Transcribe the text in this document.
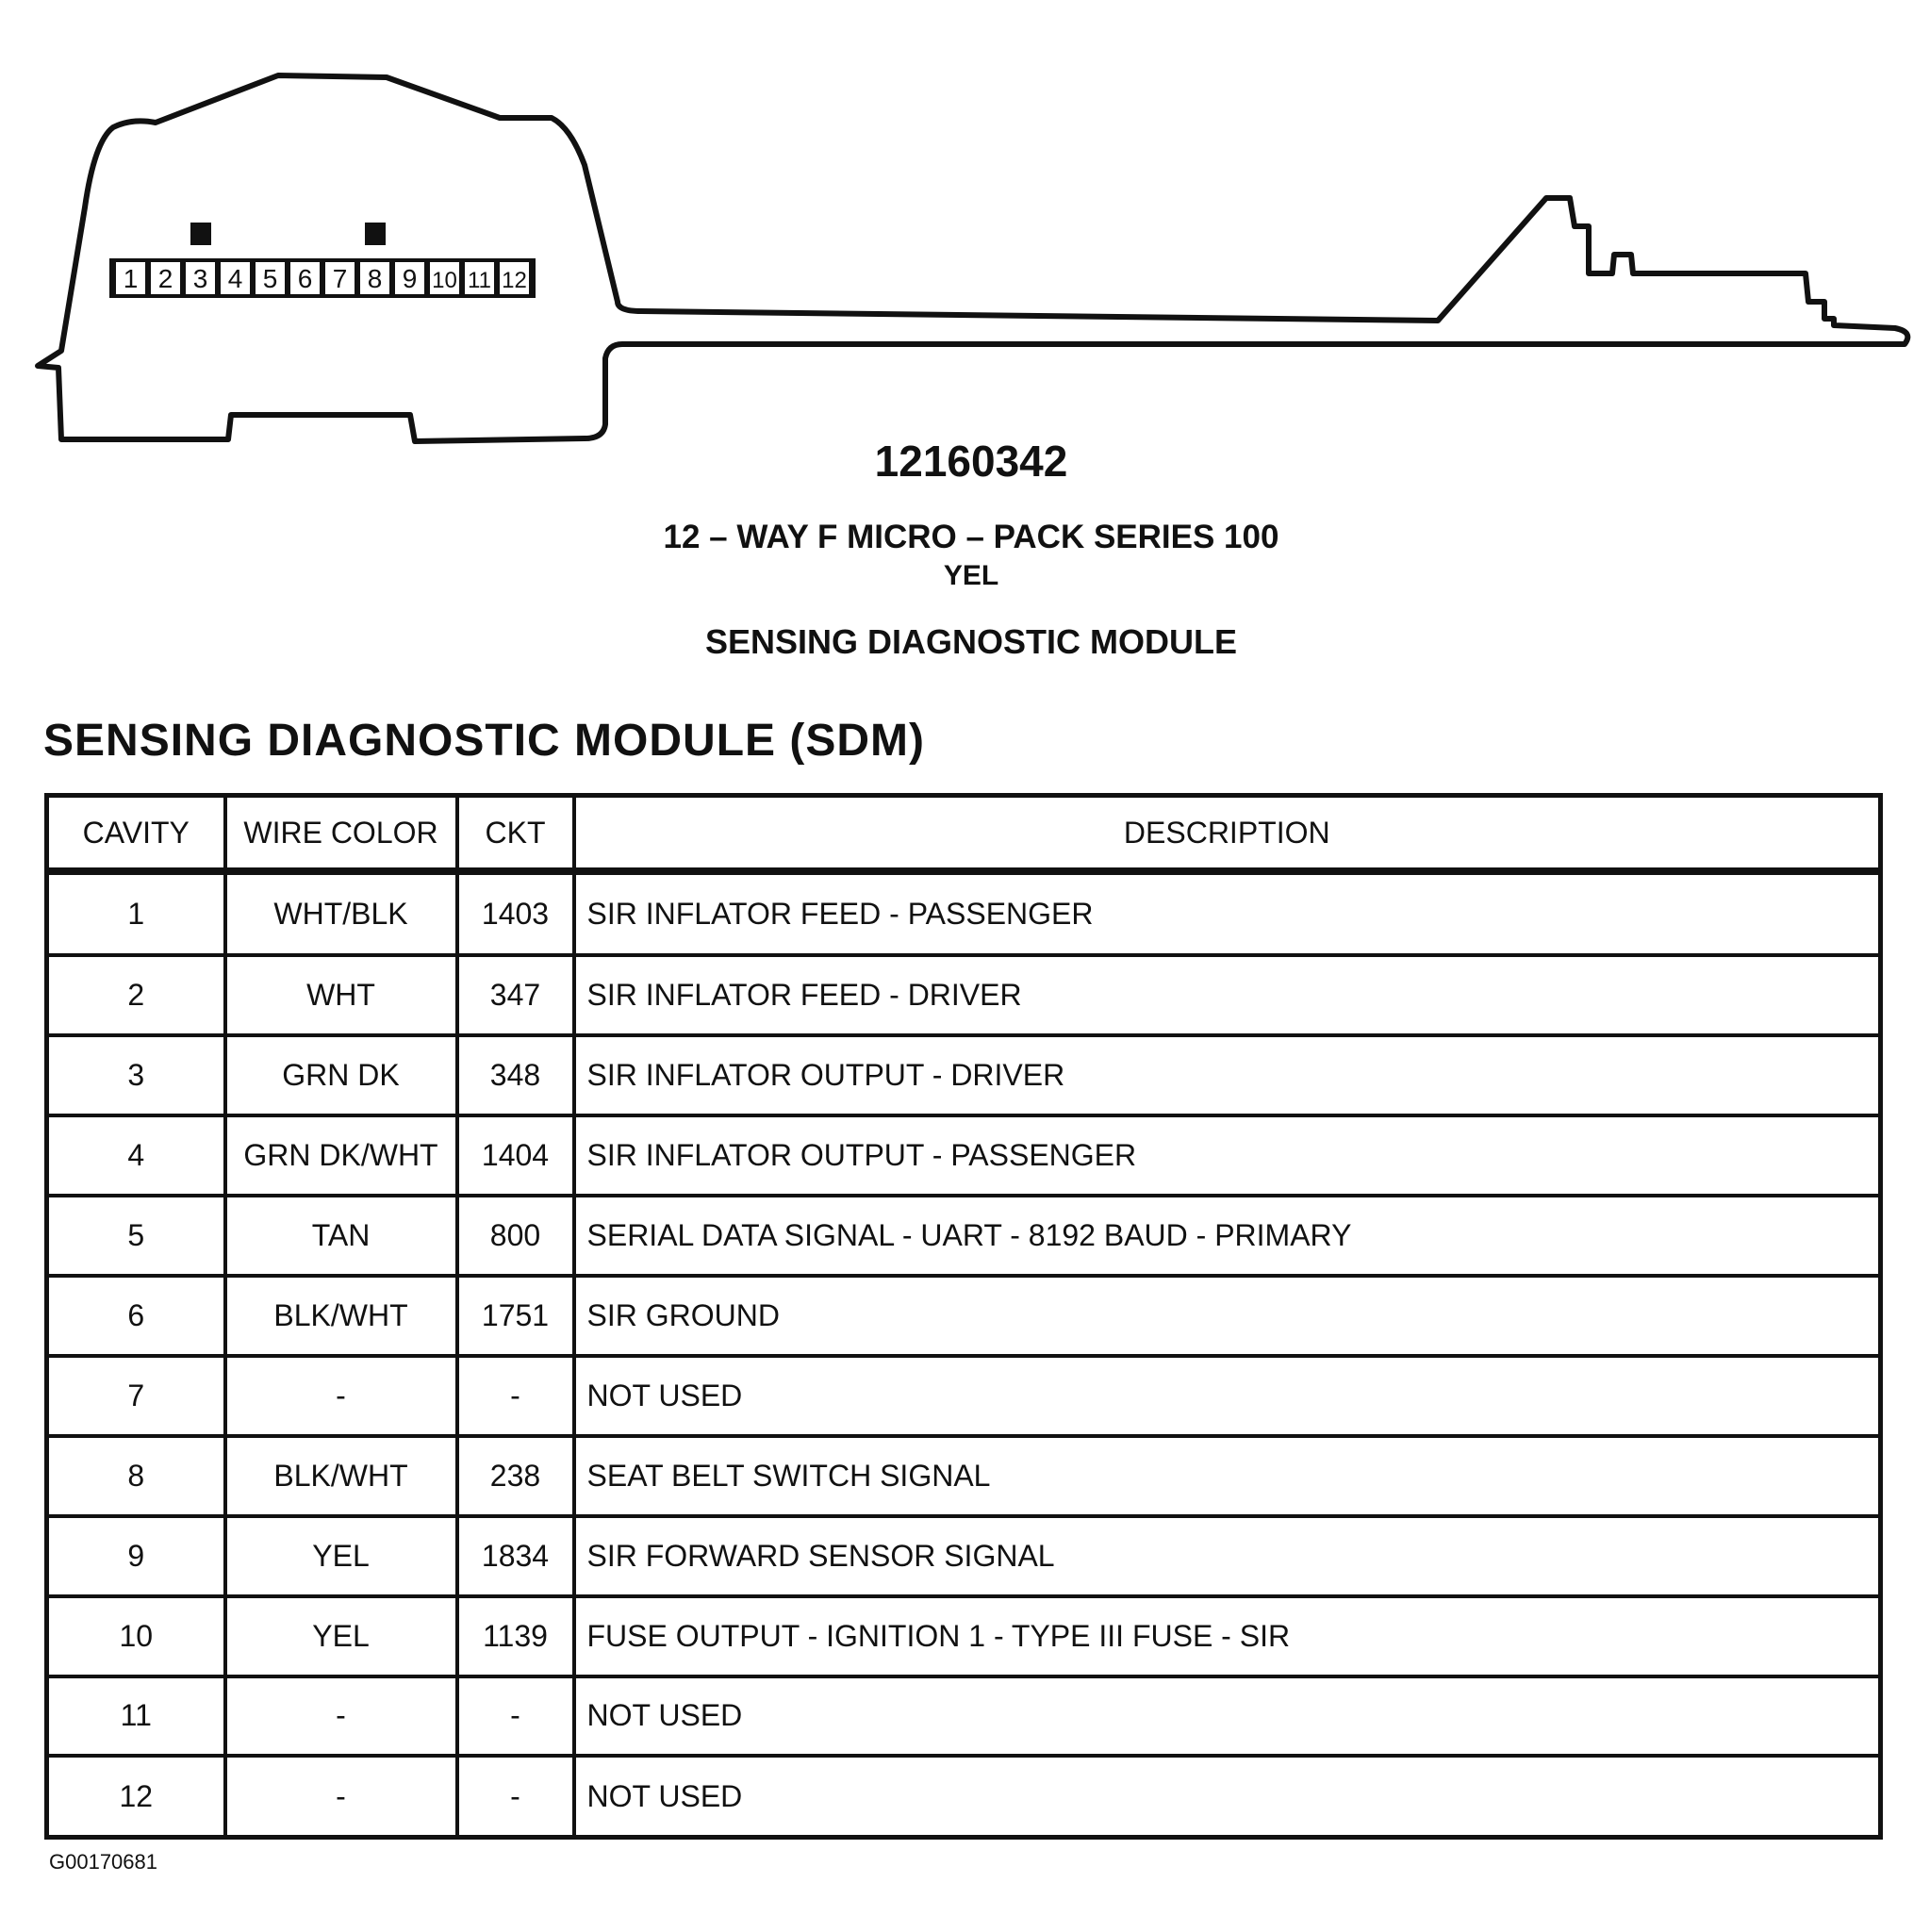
1 2 3 4 5 6 7 8 9 10 11 12
12160342
12 – WAY F MICRO – PACK SERIES 100
YEL
SENSING DIAGNOSTIC MODULE
SENSING DIAGNOSTIC MODULE (SDM)
CAVITY	WIRE COLOR	CKT	DESCRIPTION
1	WHT/BLK	1403	SIR INFLATOR FEED - PASSENGER
2	WHT	347	SIR INFLATOR FEED - DRIVER
3	GRN DK	348	SIR INFLATOR OUTPUT - DRIVER
4	GRN DK/WHT	1404	SIR INFLATOR OUTPUT - PASSENGER
5	TAN	800	SERIAL DATA SIGNAL - UART - 8192 BAUD - PRIMARY
6	BLK/WHT	1751	SIR GROUND
7	-	-	NOT USED
8	BLK/WHT	238	SEAT BELT SWITCH SIGNAL
9	YEL	1834	SIR FORWARD SENSOR SIGNAL
10	YEL	1139	FUSE OUTPUT - IGNITION 1 - TYPE III FUSE - SIR
11	-	-	NOT USED
12	-	-	NOT USED
G00170681
